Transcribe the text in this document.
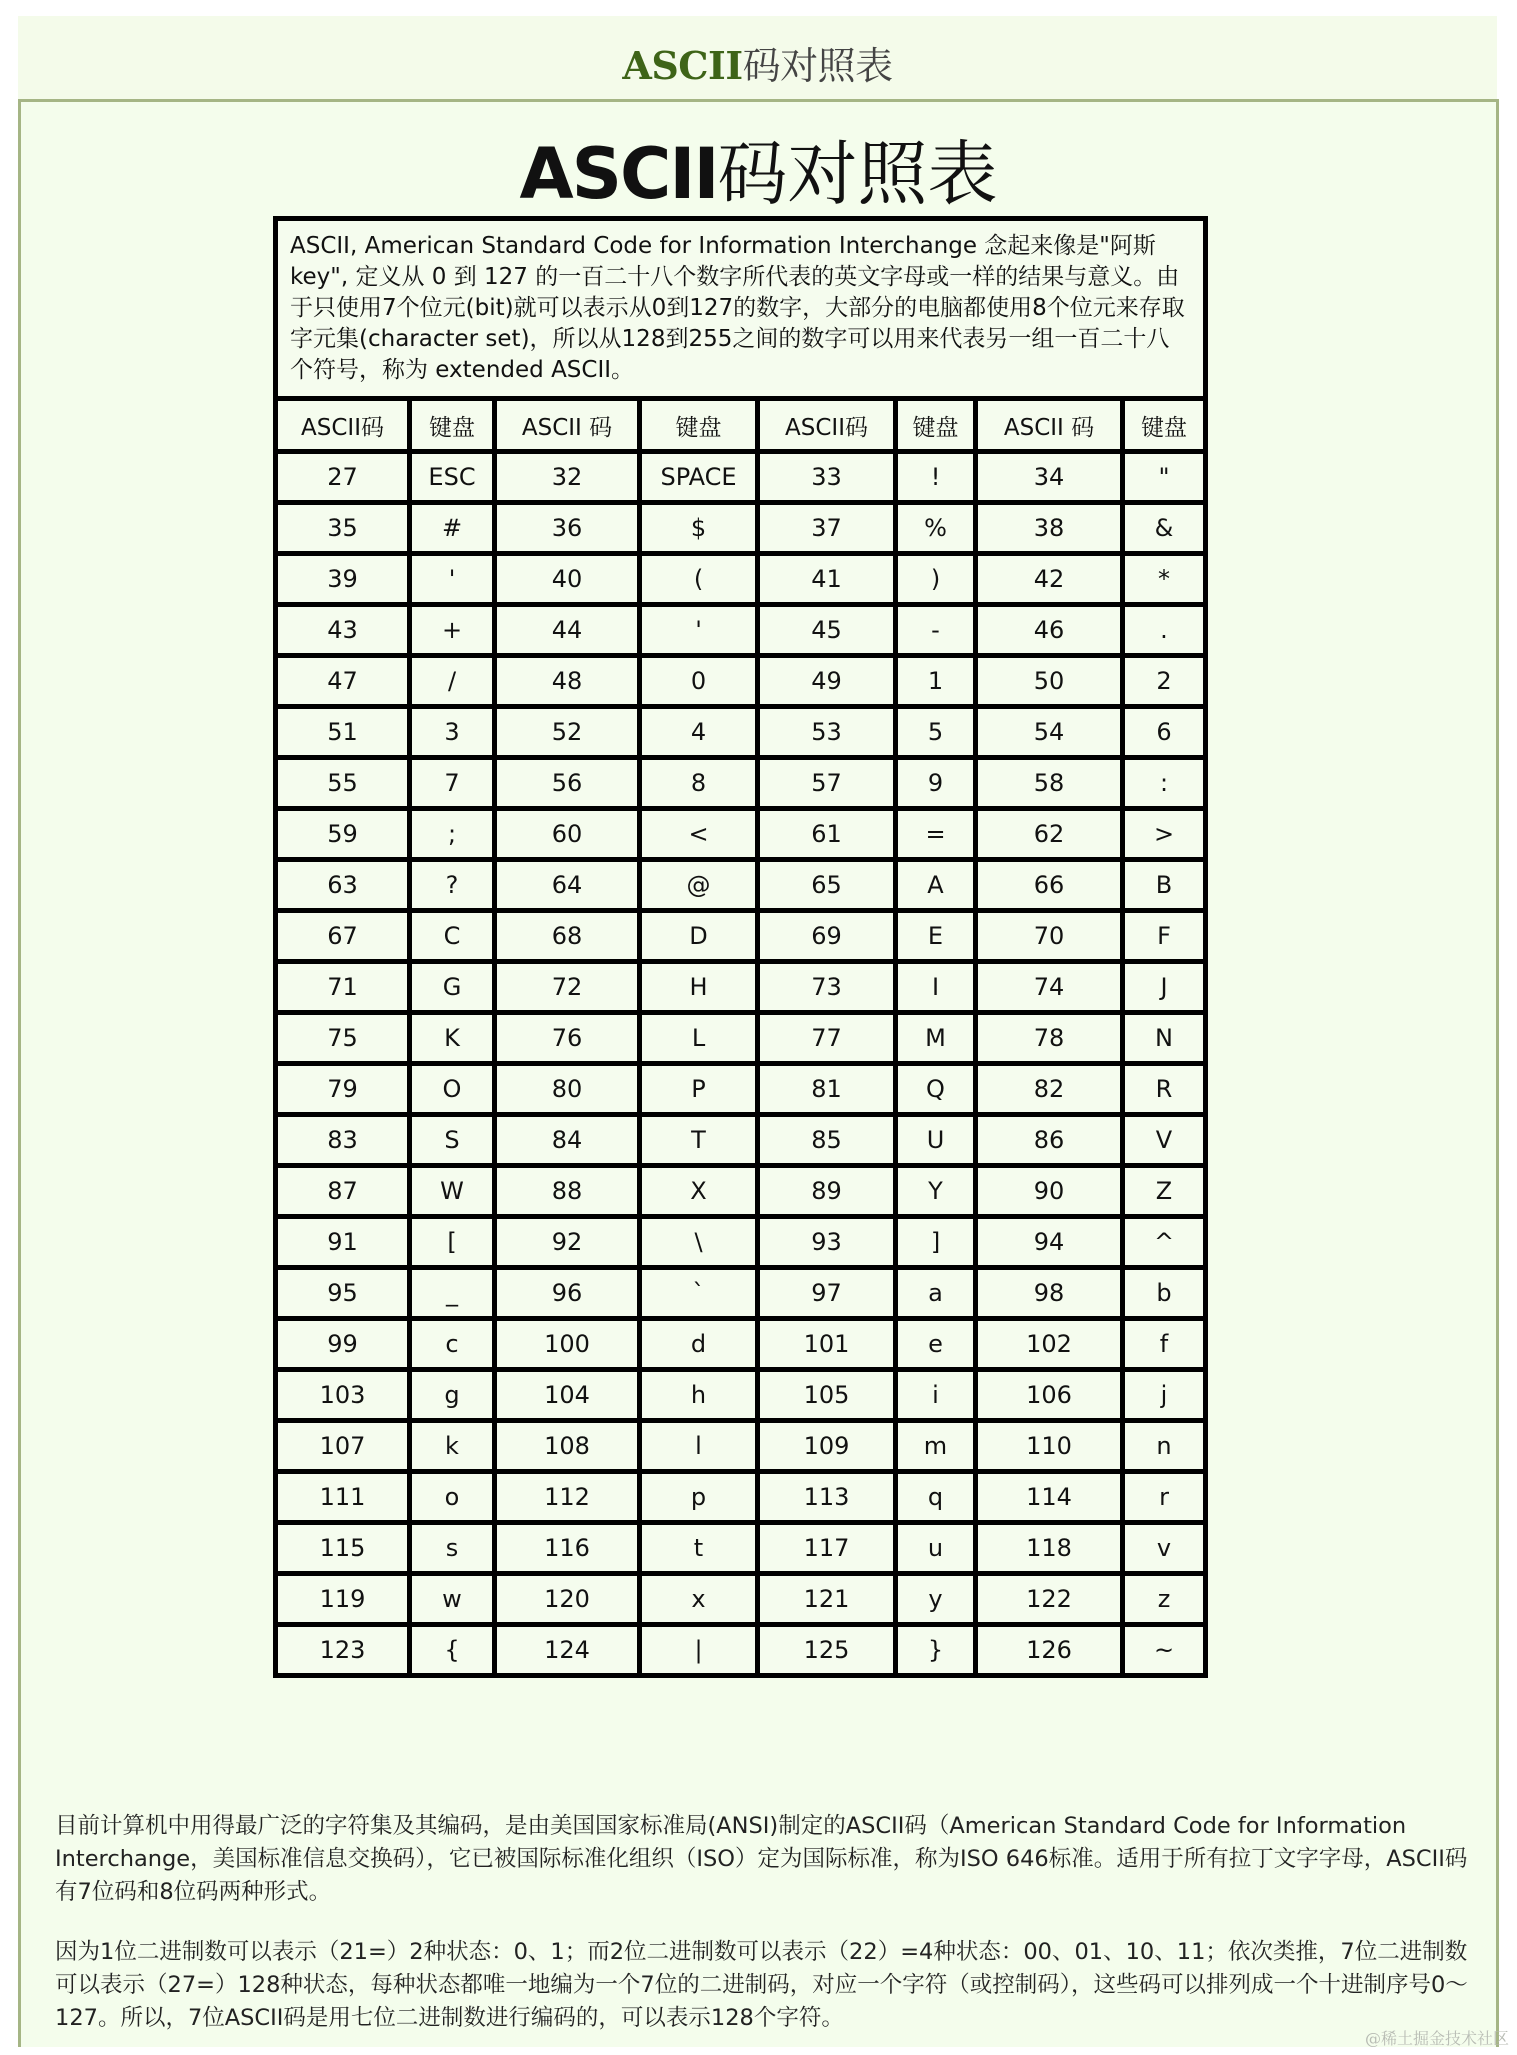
ASCII码对照表
ASCII码对照表
ASCII, American Standard Code for Information Interchange 念起来像是"阿斯key", 定义从 0 到 127 的一百二十八个数字所代表的英文字母或一样的结果与意义。由于只使用7个位元(bit)就可以表示从0到127的数字，大部分的电脑都使用8个位元来存取字元集(character set)，所以从128到255之间的数字可以用来代表另一组一百二十八个符号，称为 extended ASCII。							
ASCII码	键盘	ASCII 码	键盘	ASCII码	键盘	ASCII 码	键盘
27	ESC	32	SPACE	33	!	34	"
35	#	36	$	37	%	38	&
39	'	40	(	41	)	42	*
43	+	44	'	45	-	46	.
47	/	48	0	49	1	50	2
51	3	52	4	53	5	54	6
55	7	56	8	57	9	58	:
59	;	60	<	61	=	62	>
63	?	64	@	65	A	66	B
67	C	68	D	69	E	70	F
71	G	72	H	73	I	74	J
75	K	76	L	77	M	78	N
79	O	80	P	81	Q	82	R
83	S	84	T	85	U	86	V
87	W	88	X	89	Y	90	Z
91	[	92	\	93	]	94	^
95	_	96	`	97	a	98	b
99	c	100	d	101	e	102	f
103	g	104	h	105	i	106	j
107	k	108	l	109	m	110	n
111	o	112	p	113	q	114	r
115	s	116	t	117	u	118	v
119	w	120	x	121	y	122	z
123	{	124	|	125	}	126	~
目前计算机中用得最广泛的字符集及其编码，是由美国国家标准局(ANSI)制定的ASCII码（American Standard Code for Information Interchange，美国标准信息交换码），它已被国际标准化组织（ISO）定为国际标准，称为ISO 646标准。适用于所有拉丁文字字母，ASCII码有7位码和8位码两种形式。
因为1位二进制数可以表示（21=）2种状态：0、1；而2位二进制数可以表示（22）=4种状态：00、01、10、11；依次类推，7位二进制数可以表示（27=）128种状态，每种状态都唯一地编为一个7位的二进制码，对应一个字符（或控制码），这些码可以排列成一个十进制序号0～127。所以，7位ASCII码是用七位二进制数进行编码的，可以表示128个字符。
@稀土掘金技术社区
